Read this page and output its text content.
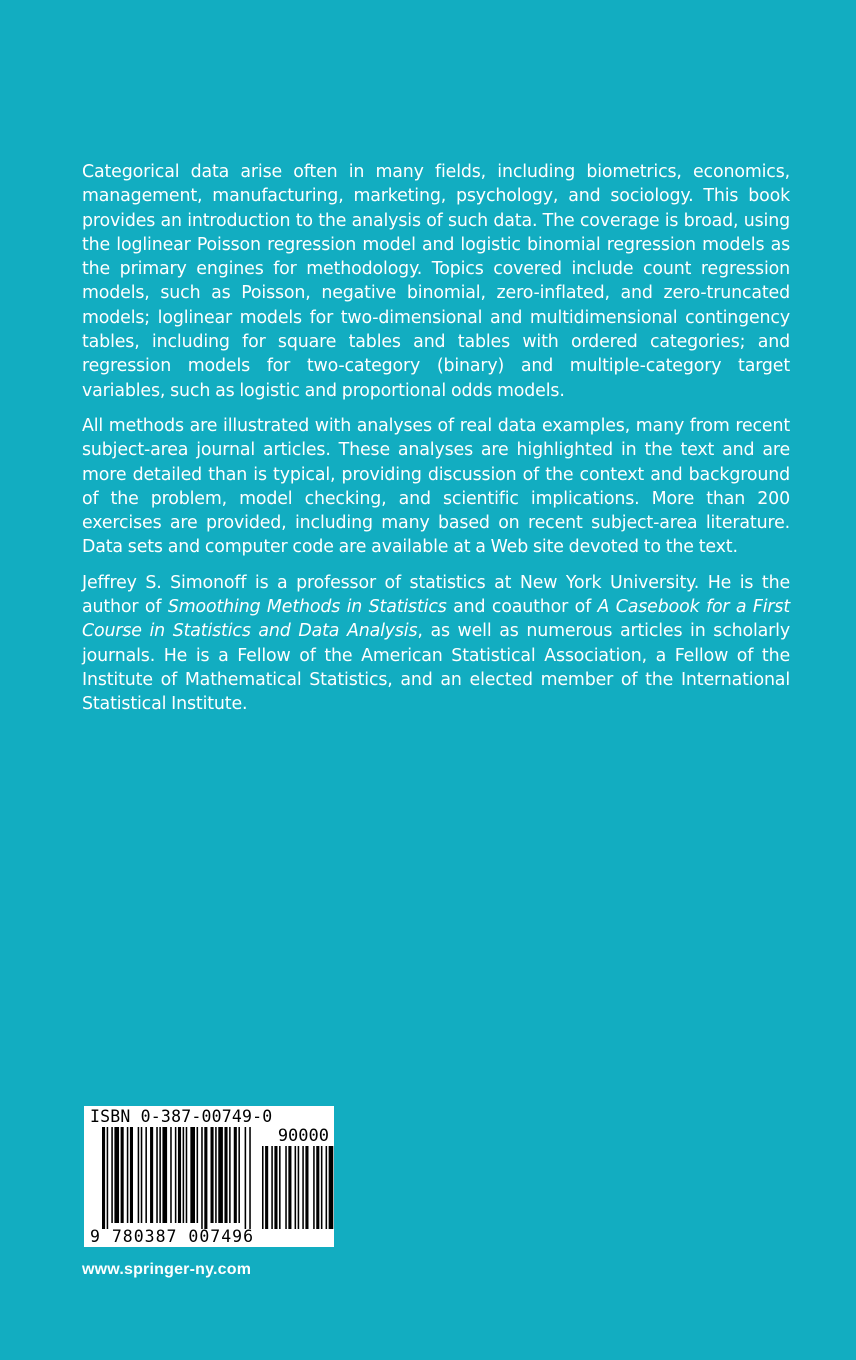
Categorical data arise often in many fields, including biometrics, economics, management, manufacturing, marketing, psychology, and sociology. This book provides an introduction to the analysis of such data. The coverage is broad, using the loglinear Poisson regression model and logistic binomial regression models as the primary engines for methodology. Topics covered include count regression models, such as Poisson, negative binomial, zero-inflated, and zero-truncated models; loglinear models for two-dimensional and multidimensional contingency tables, including for square tables and tables with ordered categories; and regression models for two-category (binary) and multiple-category target variables, such as logistic and proportional odds models.

All methods are illustrated with analyses of real data examples, many from recent subject-area journal articles. These analyses are highlighted in the text and are more detailed than is typical, providing discussion of the context and background of the problem, model checking, and scientific implications. More than 200 exercises are provided, including many based on recent subject-area literature. Data sets and computer code are available at a Web site devoted to the text.

Jeffrey S. Simonoff is a professor of statistics at New York University. He is the author of Smoothing Methods in Statistics and coauthor of A Casebook for a First Course in Statistics and Data Analysis, as well as numerous articles in scholarly journals. He is a Fellow of the American Statistical Association, a Fellow of the Institute of Mathematical Statistics, and an elected member of the International Statistical Institute.

ISBN 0-387-00749-0
90000
9 780387 007496
www.springer-ny.com
